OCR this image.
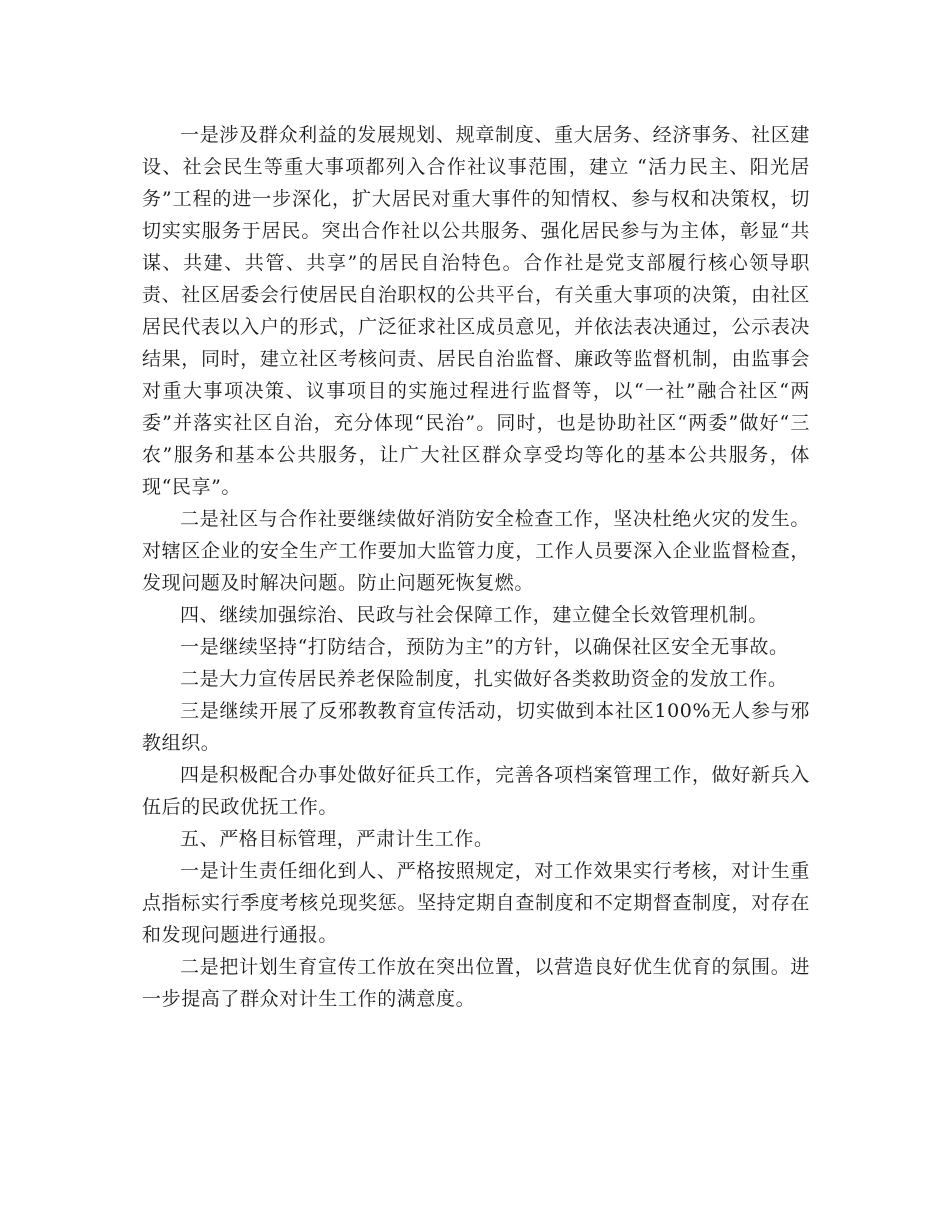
一是涉及群众利益的发展规划、规章制度、重大居务、经济事务、社区建设、社会民生等重大事项都列入合作社议事范围，建立 “活力民主、阳光居务”工程的进一步深化，扩大居民对重大事件的知情权、参与权和决策权，切切实实服务于居民。突出合作社以公共服务、强化居民参与为主体，彰显“共谋、共建、共管、共享”的居民自治特色。合作社是党支部履行核心领导职责、社区居委会行使居民自治职权的公共平台，有关重大事项的决策，由社区居民代表以入户的形式，广泛征求社区成员意见，并依法表决通过，公示表决结果，同时，建立社区考核问责、居民自治监督、廉政等监督机制，由监事会对重大事项决策、议事项目的实施过程进行监督等，以“一社”融合社区“两委”并落实社区自治，充分体现“民治”。同时，也是协助社区“两委”做好“三农”服务和基本公共服务，让广大社区群众享受均等化的基本公共服务，体现“民享”。

二是社区与合作社要继续做好消防安全检查工作，坚决杜绝火灾的发生。对辖区企业的安全生产工作要加大监管力度，工作人员要深入企业监督检查，发现问题及时解决问题。防止问题死恢复燃。

四、继续加强综治、民政与社会保障工作，建立健全长效管理机制。

一是继续坚持“打防结合，预防为主”的方针，以确保社区安全无事故。

二是大力宣传居民养老保险制度，扎实做好各类救助资金的发放工作。

三是继续开展了反邪教教育宣传活动，切实做到本社区100%无人参与邪教组织。

四是积极配合办事处做好征兵工作，完善各项档案管理工作，做好新兵入伍后的民政优抚工作。

五、严格目标管理，严肃计生工作。

一是计生责任细化到人、严格按照规定，对工作效果实行考核，对计生重点指标实行季度考核兑现奖惩。坚持定期自查制度和不定期督查制度，对存在和发现问题进行通报。

二是把计划生育宣传工作放在突出位置，以营造良好优生优育的氛围。进一步提高了群众对计生工作的满意度。
